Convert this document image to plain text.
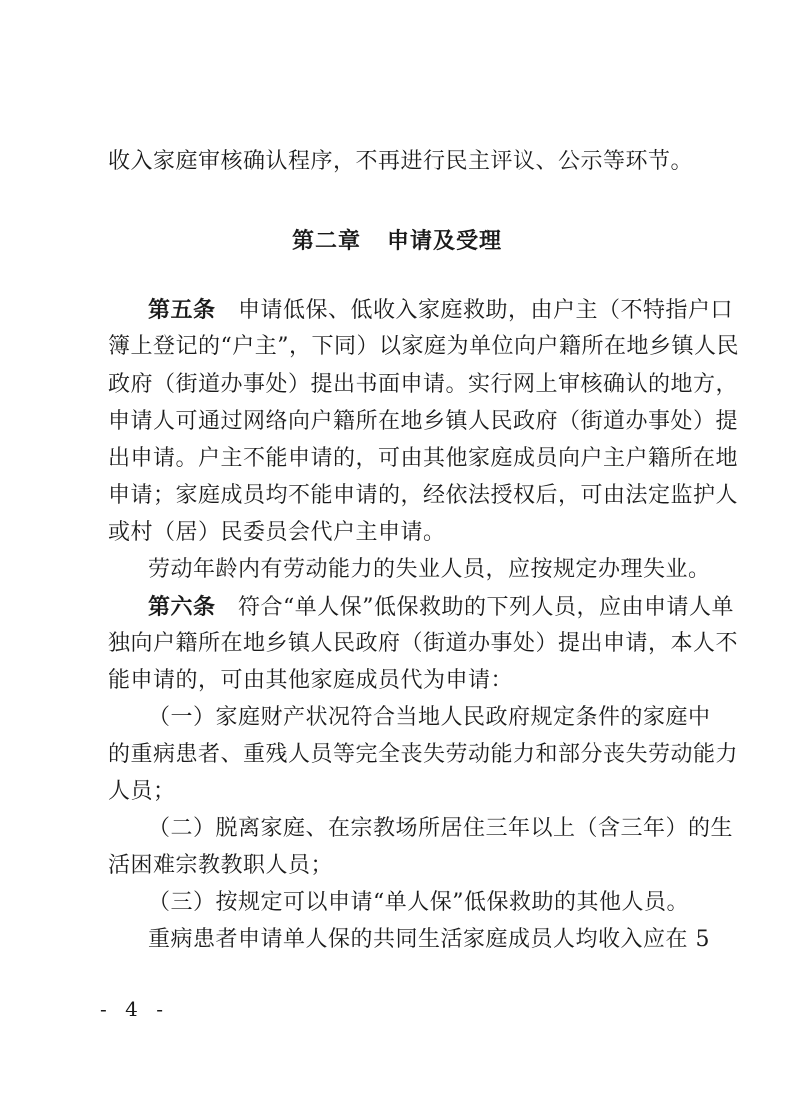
收入家庭审核确认程序，不再进行民主评议、公示等环节。
第二章 申请及受理
第五条　 申请低保、低收入家庭救助，由户主（不特指户口
簿上登记的“户主”，下同）以家庭为单位向户籍所在地乡镇人民
政府（街道办事处）提出书面申请。实行网上审核确认的地方，
申请人可通过网络向户籍所在地乡镇人民政府（街道办事处）提
出申请。户主不能申请的，可由其他家庭成员向户主户籍所在地
申请；家庭成员均不能申请的，经依法授权后，可由法定监护人
或村（居）民委员会代户主申请。
劳动年龄内有劳动能力的失业人员，应按规定办理失业。
第六条　 符合“单人保”低保救助的下列人员，应由申请人单
独向户籍所在地乡镇人民政府（街道办事处）提出申请，本人不
能申请的，可由其他家庭成员代为申请：
（一）家庭财产状况符合当地人民政府规定条件的家庭中
的重病患者、重残人员等完全丧失劳动能力和部分丧失劳动能力
人员；
（二）脱离家庭、在宗教场所居住三年以上（含三年）的生
活困难宗教教职人员；
（三）按规定可以申请“单人保”低保救助的其他人员。
重病患者申请单人保的共同生活家庭成员人均收入应在 5
- 4 -
